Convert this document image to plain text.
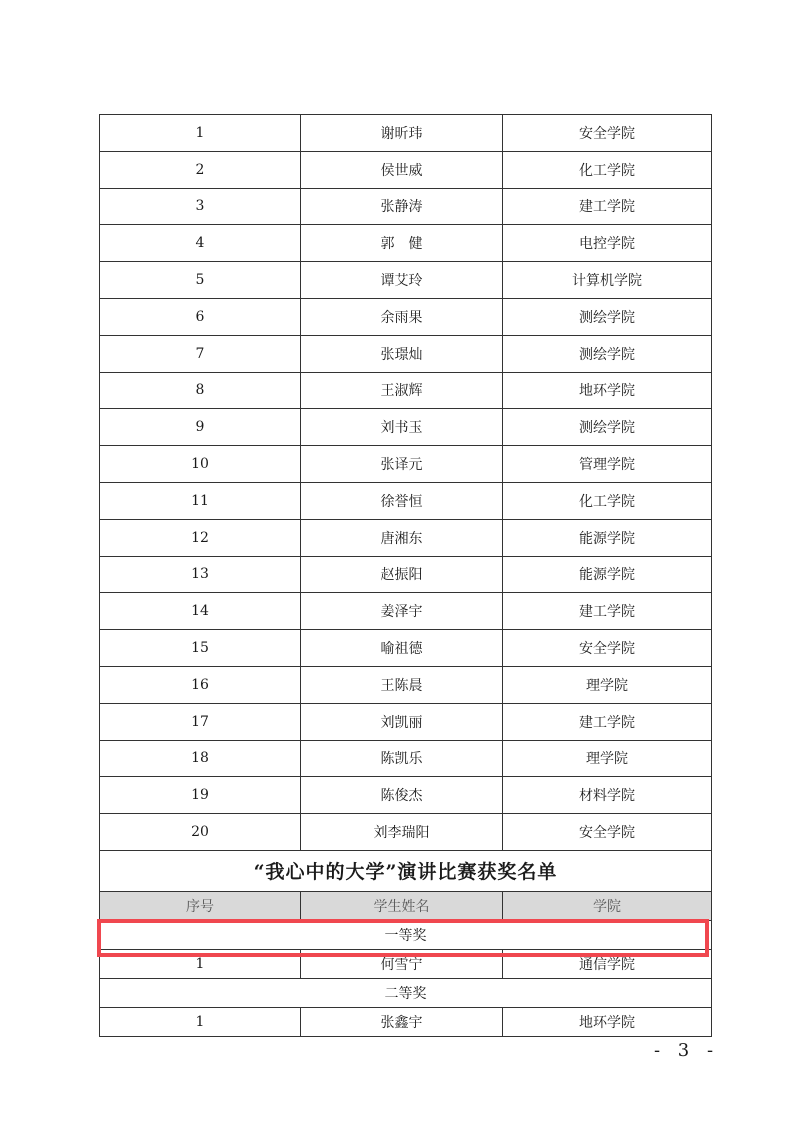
1	谢昕玮	安全学院
2	侯世威	化工学院
3	张静涛	建工学院
4	郭　健	电控学院
5	谭艾玲	计算机学院
6	余雨果	测绘学院
7	张璟灿	测绘学院
8	王淑辉	地环学院
9	刘书玉	测绘学院
10	张译元	管理学院
11	徐誉恒	化工学院
12	唐湘东	能源学院
13	赵振阳	能源学院
14	姜泽宇	建工学院
15	喻祖德	安全学院
16	王陈晨	理学院
17	刘凯丽	建工学院
18	陈凯乐	理学院
19	陈俊杰	材料学院
20	刘李瑞阳	安全学院
“我心中的大学”演讲比赛获奖名单		
序号	学生姓名	学院
一等奖		
1	何雪宁	通信学院
二等奖		
1	张鑫宇	地环学院
- 3 -
